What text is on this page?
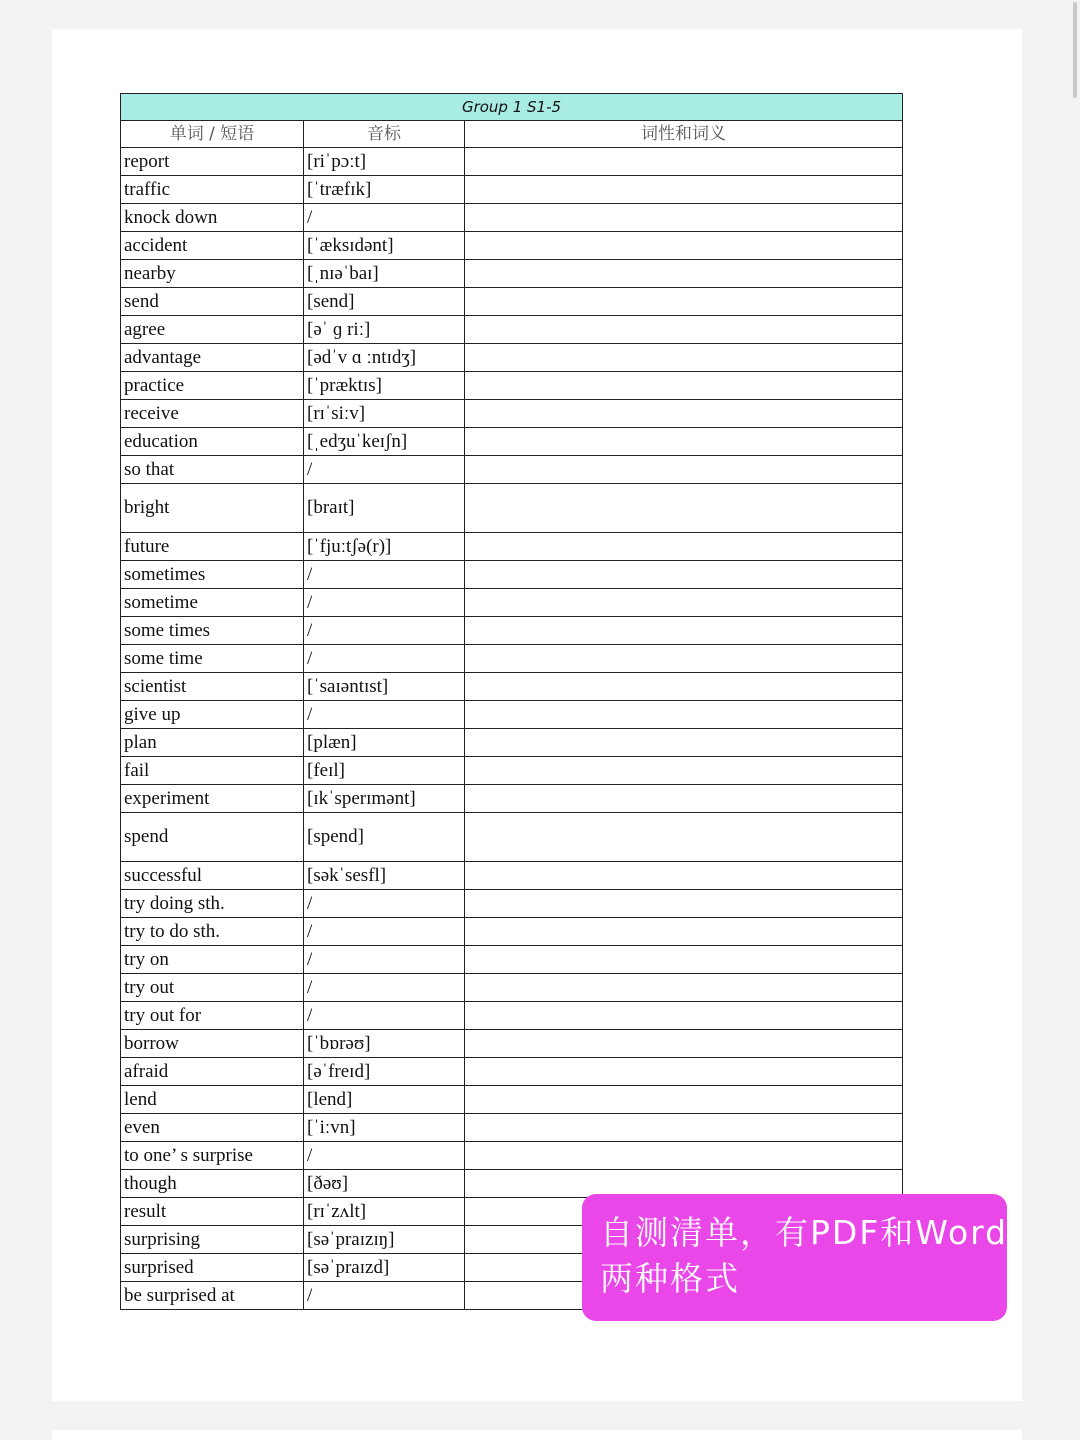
Group 1 S1-5		
单词 / 短语	音标	词性和词义
report	[riˈpɔːt]	
traffic	[ˈtræfɪk]	
knock down	/	
accident	[ˈæksɪdənt]	
nearby	[ˌnɪəˈbaɪ]	
send	[send]	
agree	[əˈ ɡ riː]	
advantage	[ədˈv ɑ ːntɪdʒ]	
practice	[ˈpræktɪs]	
receive	[rɪˈsiːv]	
education	[ˌedʒuˈkeɪʃn]	
so that	/	
bright	[braɪt]	
future	[ˈfjuːtʃə(r)]	
sometimes	/	
sometime	/	
some times	/	
some time	/	
scientist	[ˈsaɪəntɪst]	
give up	/	
plan	[plæn]	
fail	[feɪl]	
experiment	[ɪkˈsperɪmənt]	
spend	[spend]	
successful	[səkˈsesfl]	
try doing sth.	/	
try to do sth.	/	
try on	/	
try out	/	
try out for	/	
borrow	[ˈbɒrəʊ]	
afraid	[əˈfreɪd]	
lend	[lend]	
even	[ˈiːvn]	
to one’ s surprise	/	
though	[ðəʊ]	
result	[rɪˈzʌlt]	
surprising	[səˈpraɪzɪŋ]	
surprised	[səˈpraɪzd]	
be surprised at	/	
自测清单，有PDF和Word
两种格式
